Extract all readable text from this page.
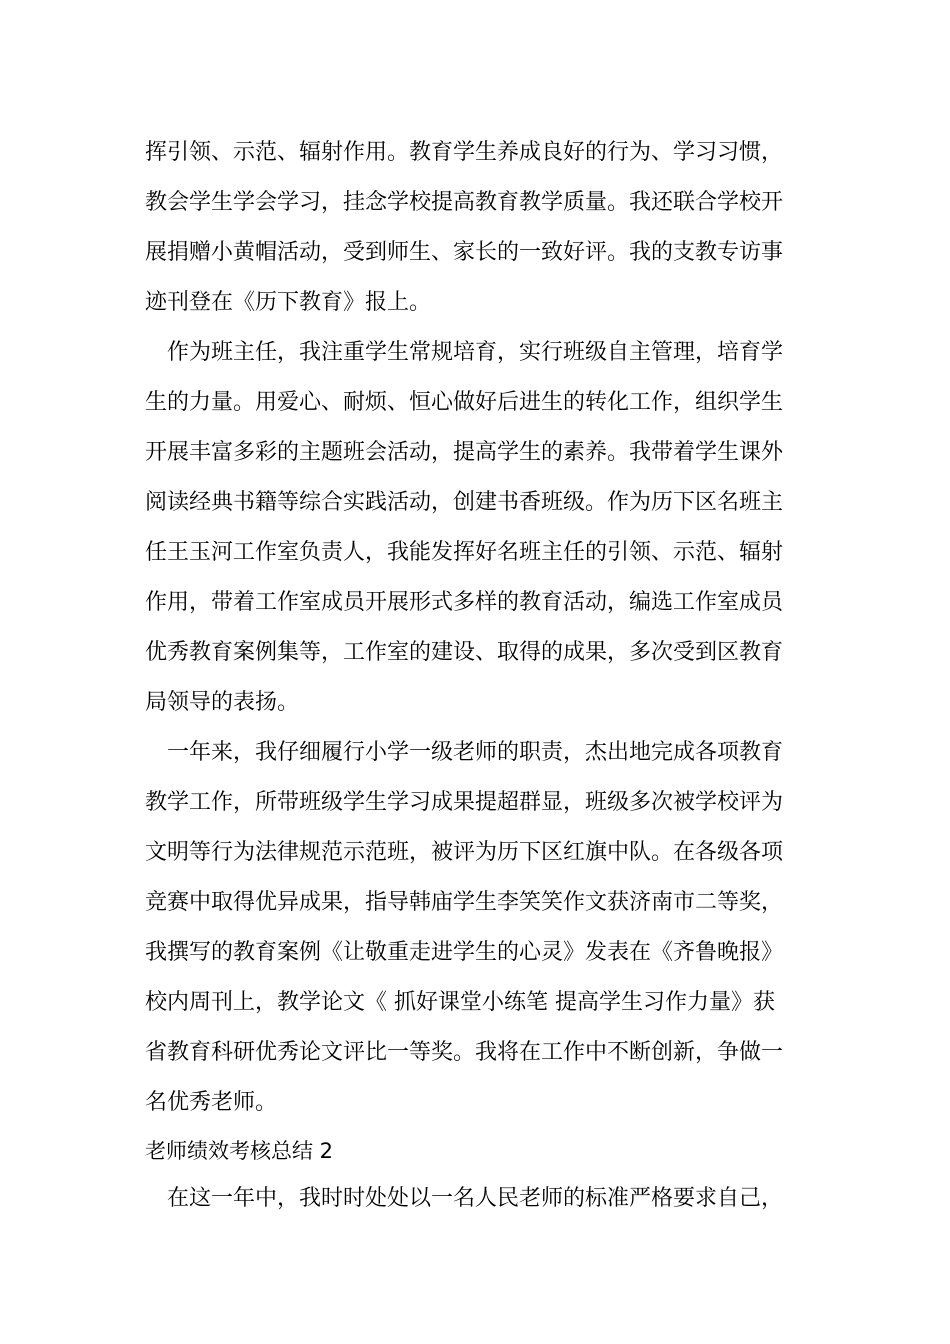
挥引领、示范、辐射作用。教育学生养成良好的行为、学习习惯，
教会学生学会学习，挂念学校提高教育教学质量。我还联合学校开
展捐赠小黄帽活动，受到师生、家长的一致好评。我的支教专访事
迹刊登在《历下教育》报上。
作为班主任，我注重学生常规培育，实行班级自主管理，培育学
生的力量。用爱心、耐烦、恒心做好后进生的转化工作，组织学生
开展丰富多彩的主题班会活动，提高学生的素养。我带着学生课外
阅读经典书籍等综合实践活动，创建书香班级。作为历下区名班主
任王玉河工作室负责人，我能发挥好名班主任的引领、示范、辐射
作用，带着工作室成员开展形式多样的教育活动，编选工作室成员
优秀教育案例集等，工作室的建设、取得的成果，多次受到区教育
局领导的表扬。
一年来，我仔细履行小学一级老师的职责，杰出地完成各项教育
教学工作，所带班级学生学习成果提超群显，班级多次被学校评为
文明等行为法律规范示范班，被评为历下区红旗中队。在各级各项
竞赛中取得优异成果，指导韩庙学生李笑笑作文获济南市二等奖，
我撰写的教育案例《让敬重走进学生的心灵》发表在《齐鲁晚报》
校内周刊上，教学论文《 抓好课堂小练笔 提高学生习作力量》获
省教育科研优秀论文评比一等奖。我将在工作中不断创新，争做一
名优秀老师。
老师绩效考核总结 2
在这一年中，我时时处处以一名人民老师的标准严格要求自己，
